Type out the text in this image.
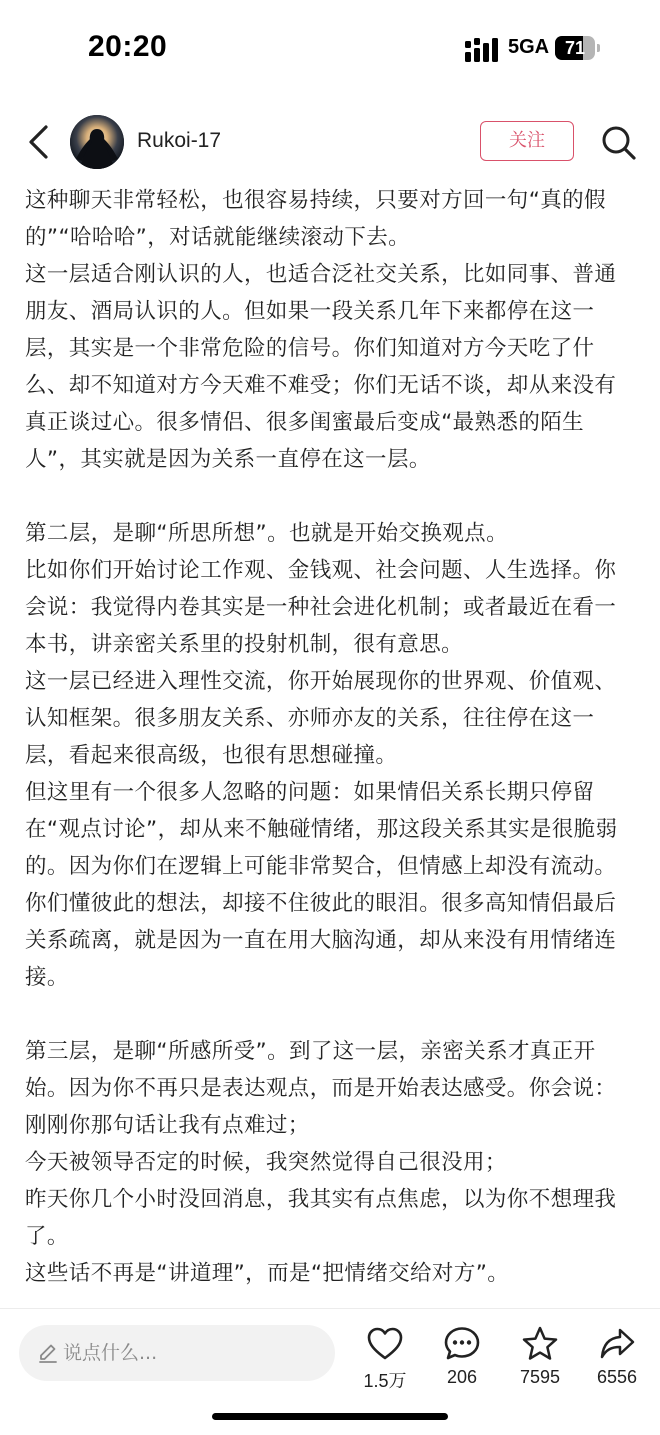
20:20	5GA 71
Rukoi-17	关注

这种聊天非常轻松，也很容易持续，只要对方回一句“真的假的”“哈哈哈”，对话就能继续滚动下去。

这一层适合刚认识的人，也适合泛社交关系，比如同事、普通朋友、酒局认识的人。但如果一段关系几年下来都停在这一层，其实是一个非常危险的信号。你们知道对方今天吃了什么、却不知道对方今天难不难受；你们无话不谈，却从来没有真正谈过心。很多情侣、很多闺蜜最后变成“最熟悉的陌生人”，其实就是因为关系一直停在这一层。

第二层，是聊“所思所想”。也就是开始交换观点。

比如你们开始讨论工作观、金钱观、社会问题、人生选择。你会说：我觉得内卷其实是一种社会进化机制；或者最近在看一本书，讲亲密关系里的投射机制，很有意思。

这一层已经进入理性交流，你开始展现你的世界观、价值观、认知框架。很多朋友关系、亦师亦友的关系，往往停在这一层，看起来很高级，也很有思想碰撞。

但这里有一个很多人忽略的问题：如果情侣关系长期只停留在“观点讨论”，却从来不触碰情绪，那这段关系其实是很脆弱的。因为你们在逻辑上可能非常契合，但情感上却没有流动。你们懂彼此的想法，却接不住彼此的眼泪。很多高知情侣最后关系疏离，就是因为一直在用大脑沟通，却从来没有用情绪连接。

第三层，是聊“所感所受”。到了这一层，亲密关系才真正开始。因为你不再只是表达观点，而是开始表达感受。你会说：刚刚你那句话让我有点难过；

今天被领导否定的时候，我突然觉得自己很没用；

昨天你几个小时没回消息，我其实有点焦虑，以为你不想理我了。

这些话不再是“讲道理”，而是“把情绪交给对方”。

说点什么...
1.5万	206	7595	6556
